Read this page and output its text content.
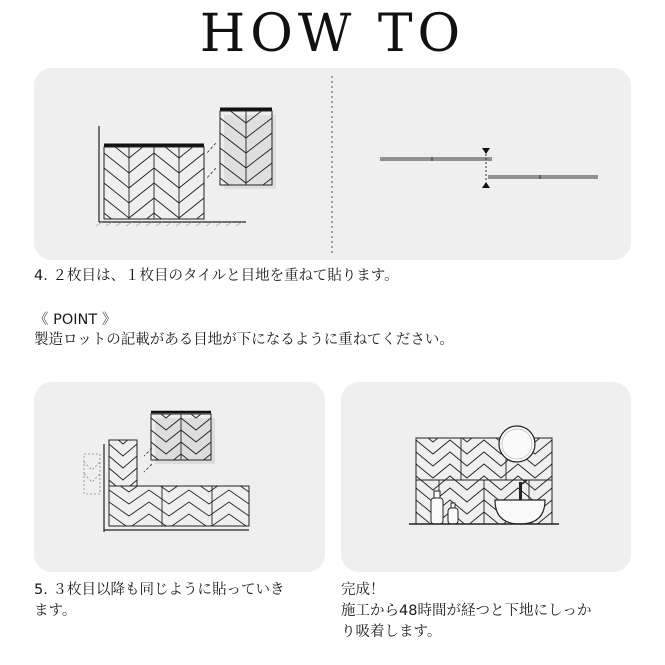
HOW TO
4. ２枚目は、１枚目のタイルと目地を重ねて貼ります。
《 POINT 》
製造ロットの記載がある目地が下になるように重ねてください。
5. ３枚目以降も同じように貼っていき
ます。
完成！
施工から48時間が経つと下地にしっか
り吸着します。
